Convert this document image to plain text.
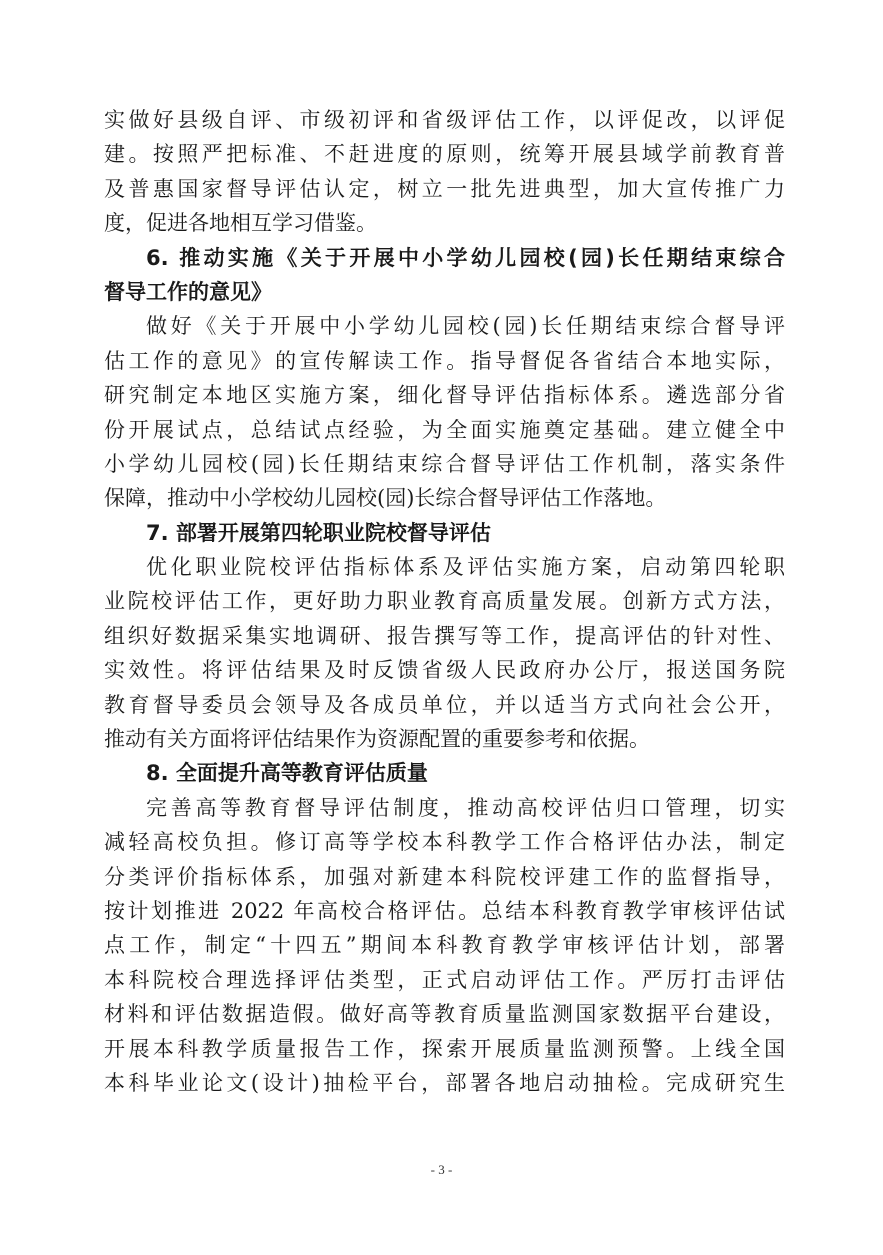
实做好县级自评、市级初评和省级评估工作，以评促改，以评促
建。按照严把标准、不赶进度的原则，统筹开展县域学前教育普
及普惠国家督导评估认定，树立一批先进典型，加大宣传推广力
度，促进各地相互学习借鉴。
6. 推动实施《关于开展中小学幼儿园校(园)长任期结束综合
督导工作的意见》
做好《关于开展中小学幼儿园校(园)长任期结束综合督导评
估工作的意见》的宣传解读工作。指导督促各省结合本地实际，
研究制定本地区实施方案，细化督导评估指标体系。遴选部分省
份开展试点，总结试点经验，为全面实施奠定基础。建立健全中
小学幼儿园校(园)长任期结束综合督导评估工作机制，落实条件
保障，推动中小学校幼儿园校(园)长综合督导评估工作落地。
7. 部署开展第四轮职业院校督导评估
优化职业院校评估指标体系及评估实施方案，启动第四轮职
业院校评估工作，更好助力职业教育高质量发展。创新方式方法，
组织好数据采集实地调研、报告撰写等工作，提高评估的针对性、
实效性。将评估结果及时反馈省级人民政府办公厅，报送国务院
教育督导委员会领导及各成员单位，并以适当方式向社会公开，
推动有关方面将评估结果作为资源配置的重要参考和依据。
8. 全面提升高等教育评估质量
完善高等教育督导评估制度，推动高校评估归口管理，切实
减轻高校负担。修订高等学校本科教学工作合格评估办法，制定
分类评价指标体系，加强对新建本科院校评建工作的监督指导，
按计划推进 2022 年高校合格评估。总结本科教育教学审核评估试
点工作，制定“十四五”期间本科教育教学审核评估计划，部署
本科院校合理选择评估类型，正式启动评估工作。严厉打击评估
材料和评估数据造假。做好高等教育质量监测国家数据平台建设，
开展本科教学质量报告工作，探索开展质量监测预警。上线全国
本科毕业论文(设计)抽检平台，部署各地启动抽检。完成研究生
- 3 -
